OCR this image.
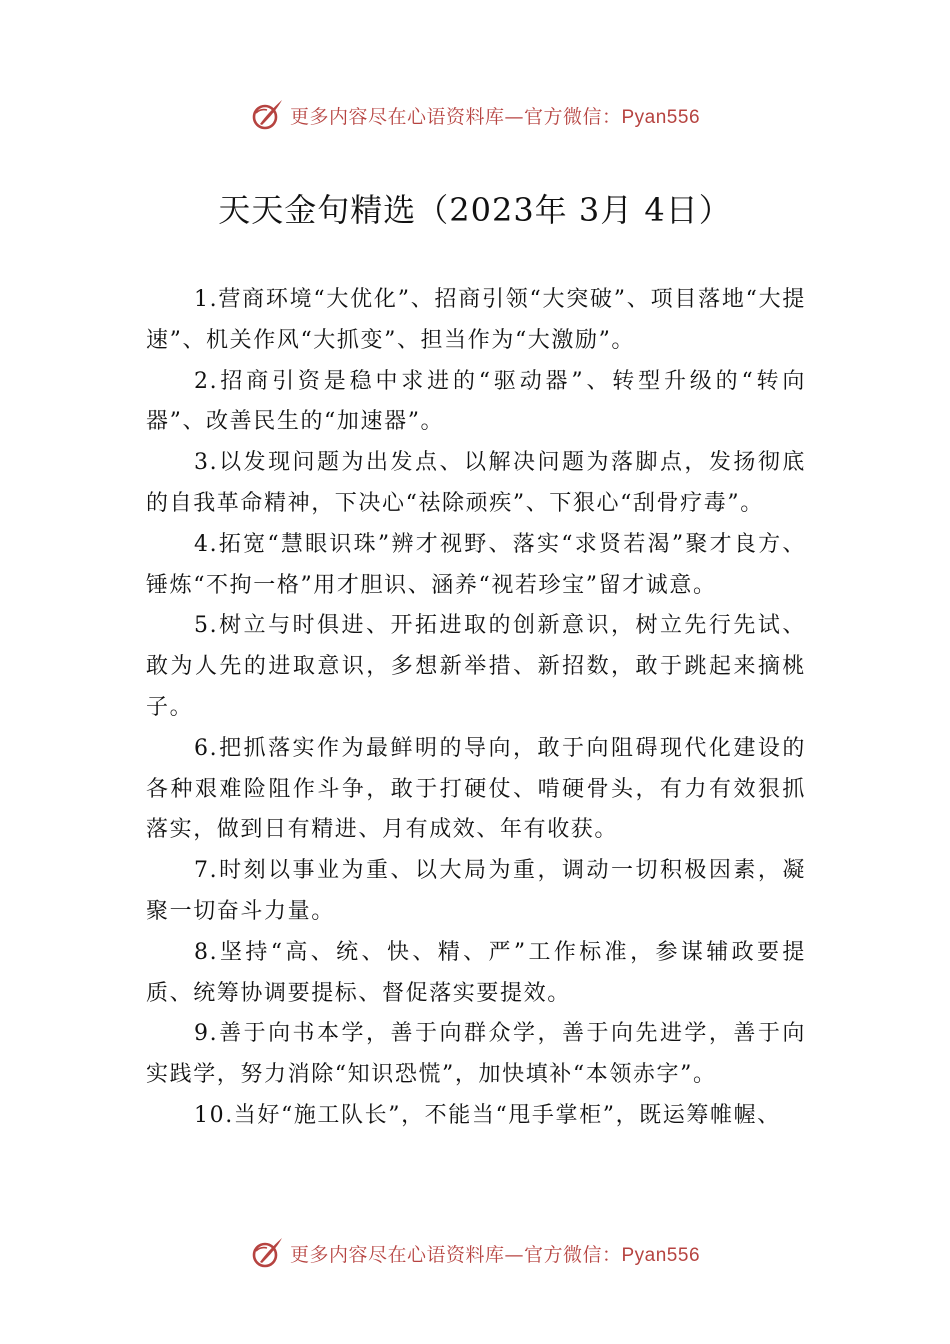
更多内容尽在心语资料库—官方微信：Pyan556
天天金句精选（2023年 3月 4日）

1.营商环境“大优化”、招商引领“大突破”、项目落地“大提速”、机关作风“大抓变”、担当作为“大激励”。

2.招商引资是稳中求进的“驱动器”、转型升级的“转向器”、改善民生的“加速器”。

3.以发现问题为出发点、以解决问题为落脚点，发扬彻底的自我革命精神，下决心“祛除顽疾”、下狠心“刮骨疗毒”。

4.拓宽“慧眼识珠”辨才视野、落实“求贤若渴”聚才良方、锤炼“不拘一格”用才胆识、涵养“视若珍宝”留才诚意。

5.树立与时俱进、开拓进取的创新意识，树立先行先试、敢为人先的进取意识，多想新举措、新招数，敢于跳起来摘桃子。

6.把抓落实作为最鲜明的导向，敢于向阻碍现代化建设的各种艰难险阻作斗争，敢于打硬仗、啃硬骨头，有力有效狠抓落实，做到日有精进、月有成效、年有收获。

7.时刻以事业为重、以大局为重，调动一切积极因素，凝聚一切奋斗力量。

8.坚持“高、统、快、精、严”工作标准，参谋辅政要提质、统筹协调要提标、督促落实要提效。

9.善于向书本学，善于向群众学，善于向先进学，善于向实践学，努力消除“知识恐慌”，加快填补“本领赤字”。

10.当好“施工队长”，不能当“甩手掌柜”，既运筹帷幄、

更多内容尽在心语资料库—官方微信：Pyan556
